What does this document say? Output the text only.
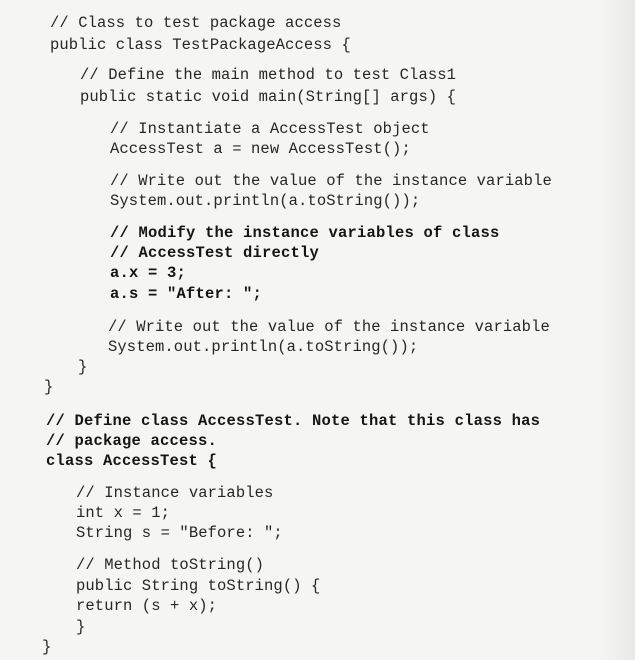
// Class to test package access
public class TestPackageAccess {
// Define the main method to test Class1
public static void main(String[] args) {
// Instantiate a AccessTest object
AccessTest a = new AccessTest();
// Write out the value of the instance variable
System.out.println(a.toString());
// Modify the instance variables of class
// AccessTest directly
a.x = 3;
a.s = "After: ";
// Write out the value of the instance variable
System.out.println(a.toString());
}
}
// Define class AccessTest. Note that this class has
// package access.
class AccessTest {
// Instance variables
int x = 1;
String s = "Before: ";
// Method toString()
public String toString() {
return (s + x);
}
}
